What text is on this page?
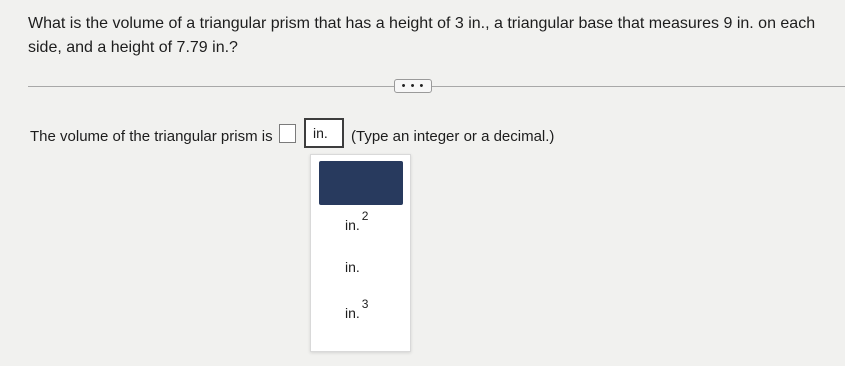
What is the volume of a triangular prism that has a height of 3 in., a triangular base that measures 9 in. on each side, and a height of 7.79 in.?
• • •
The volume of the triangular prism is	in.	(Type an integer or a decimal.)
in.2
in.
in.3
